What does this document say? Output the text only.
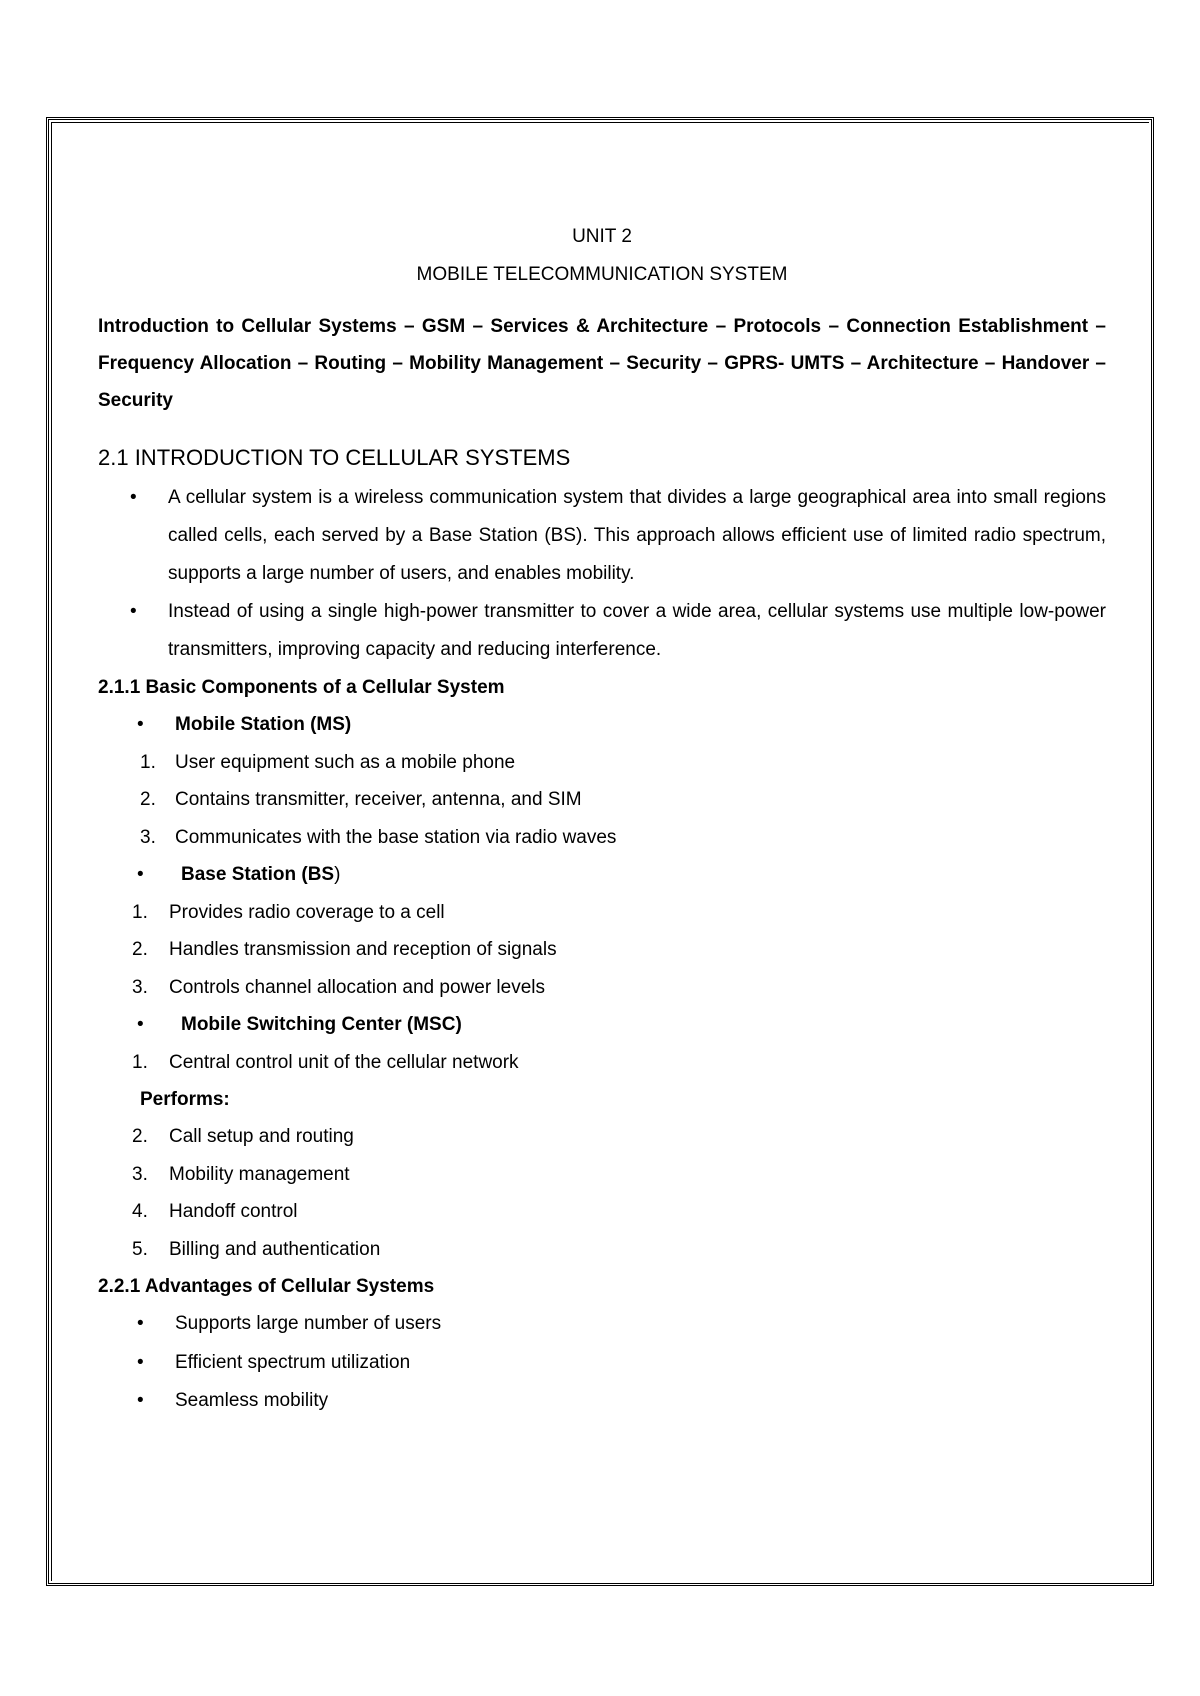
UNIT 2
MOBILE TELECOMMUNICATION SYSTEM
Introduction to Cellular Systems – GSM – Services & Architecture – Protocols – Connection Establishment – Frequency Allocation – Routing – Mobility Management – Security – GPRS- UMTS – Architecture – Handover – Security
2.1 INTRODUCTION TO CELLULAR SYSTEMS
• A cellular system is a wireless communication system that divides a large geographical area into small regions called cells, each served by a Base Station (BS). This approach allows efficient use of limited radio spectrum, supports a large number of users, and enables mobility.
• Instead of using a single high-power transmitter to cover a wide area, cellular systems use multiple low-power transmitters, improving capacity and reducing interference.
2.1.1 Basic Components of a Cellular System
• Mobile Station (MS)
1. User equipment such as a mobile phone
2. Contains transmitter, receiver, antenna, and SIM
3. Communicates with the base station via radio waves
• Base Station (BS)
1. Provides radio coverage to a cell
2. Handles transmission and reception of signals
3. Controls channel allocation and power levels
• Mobile Switching Center (MSC)
1. Central control unit of the cellular network
Performs:
2. Call setup and routing
3. Mobility management
4. Handoff control
5. Billing and authentication
2.2.1 Advantages of Cellular Systems
• Supports large number of users
• Efficient spectrum utilization
• Seamless mobility
